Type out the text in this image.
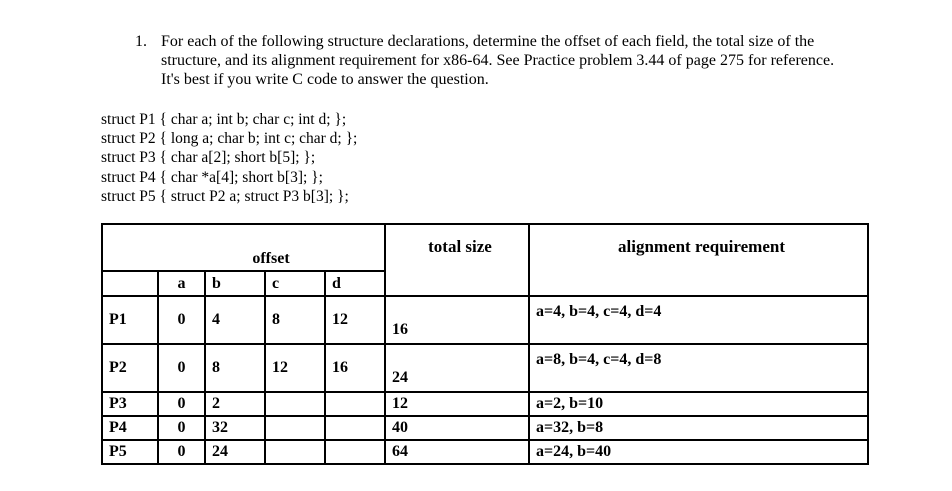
1. For each of the following structure declarations, determine the offset of each field, the total size of the
structure, and its alignment requirement for x86-64. See Practice problem 3.44 of page 275 for reference.
It's best if you write C code to answer the question.
struct P1 { char a; int b; char c; int d; };
struct P2 { long a; char b; int c; char d; };
struct P3 { char a[2]; short b[5]; };
struct P4 { char *a[4]; short b[3]; };
struct P5 { struct P2 a; struct P3 b[3]; };
	offset				total size	alignment requirement
	a	b	c	d		
P1	0	4	8	12	16	a=4, b=4, c=4, d=4
P2	0	8	12	16	24	a=8, b=4, c=4, d=8
P3	0	2			12	a=2, b=10
P4	0	32			40	a=32, b=8
P5	0	24			64	a=24, b=40
